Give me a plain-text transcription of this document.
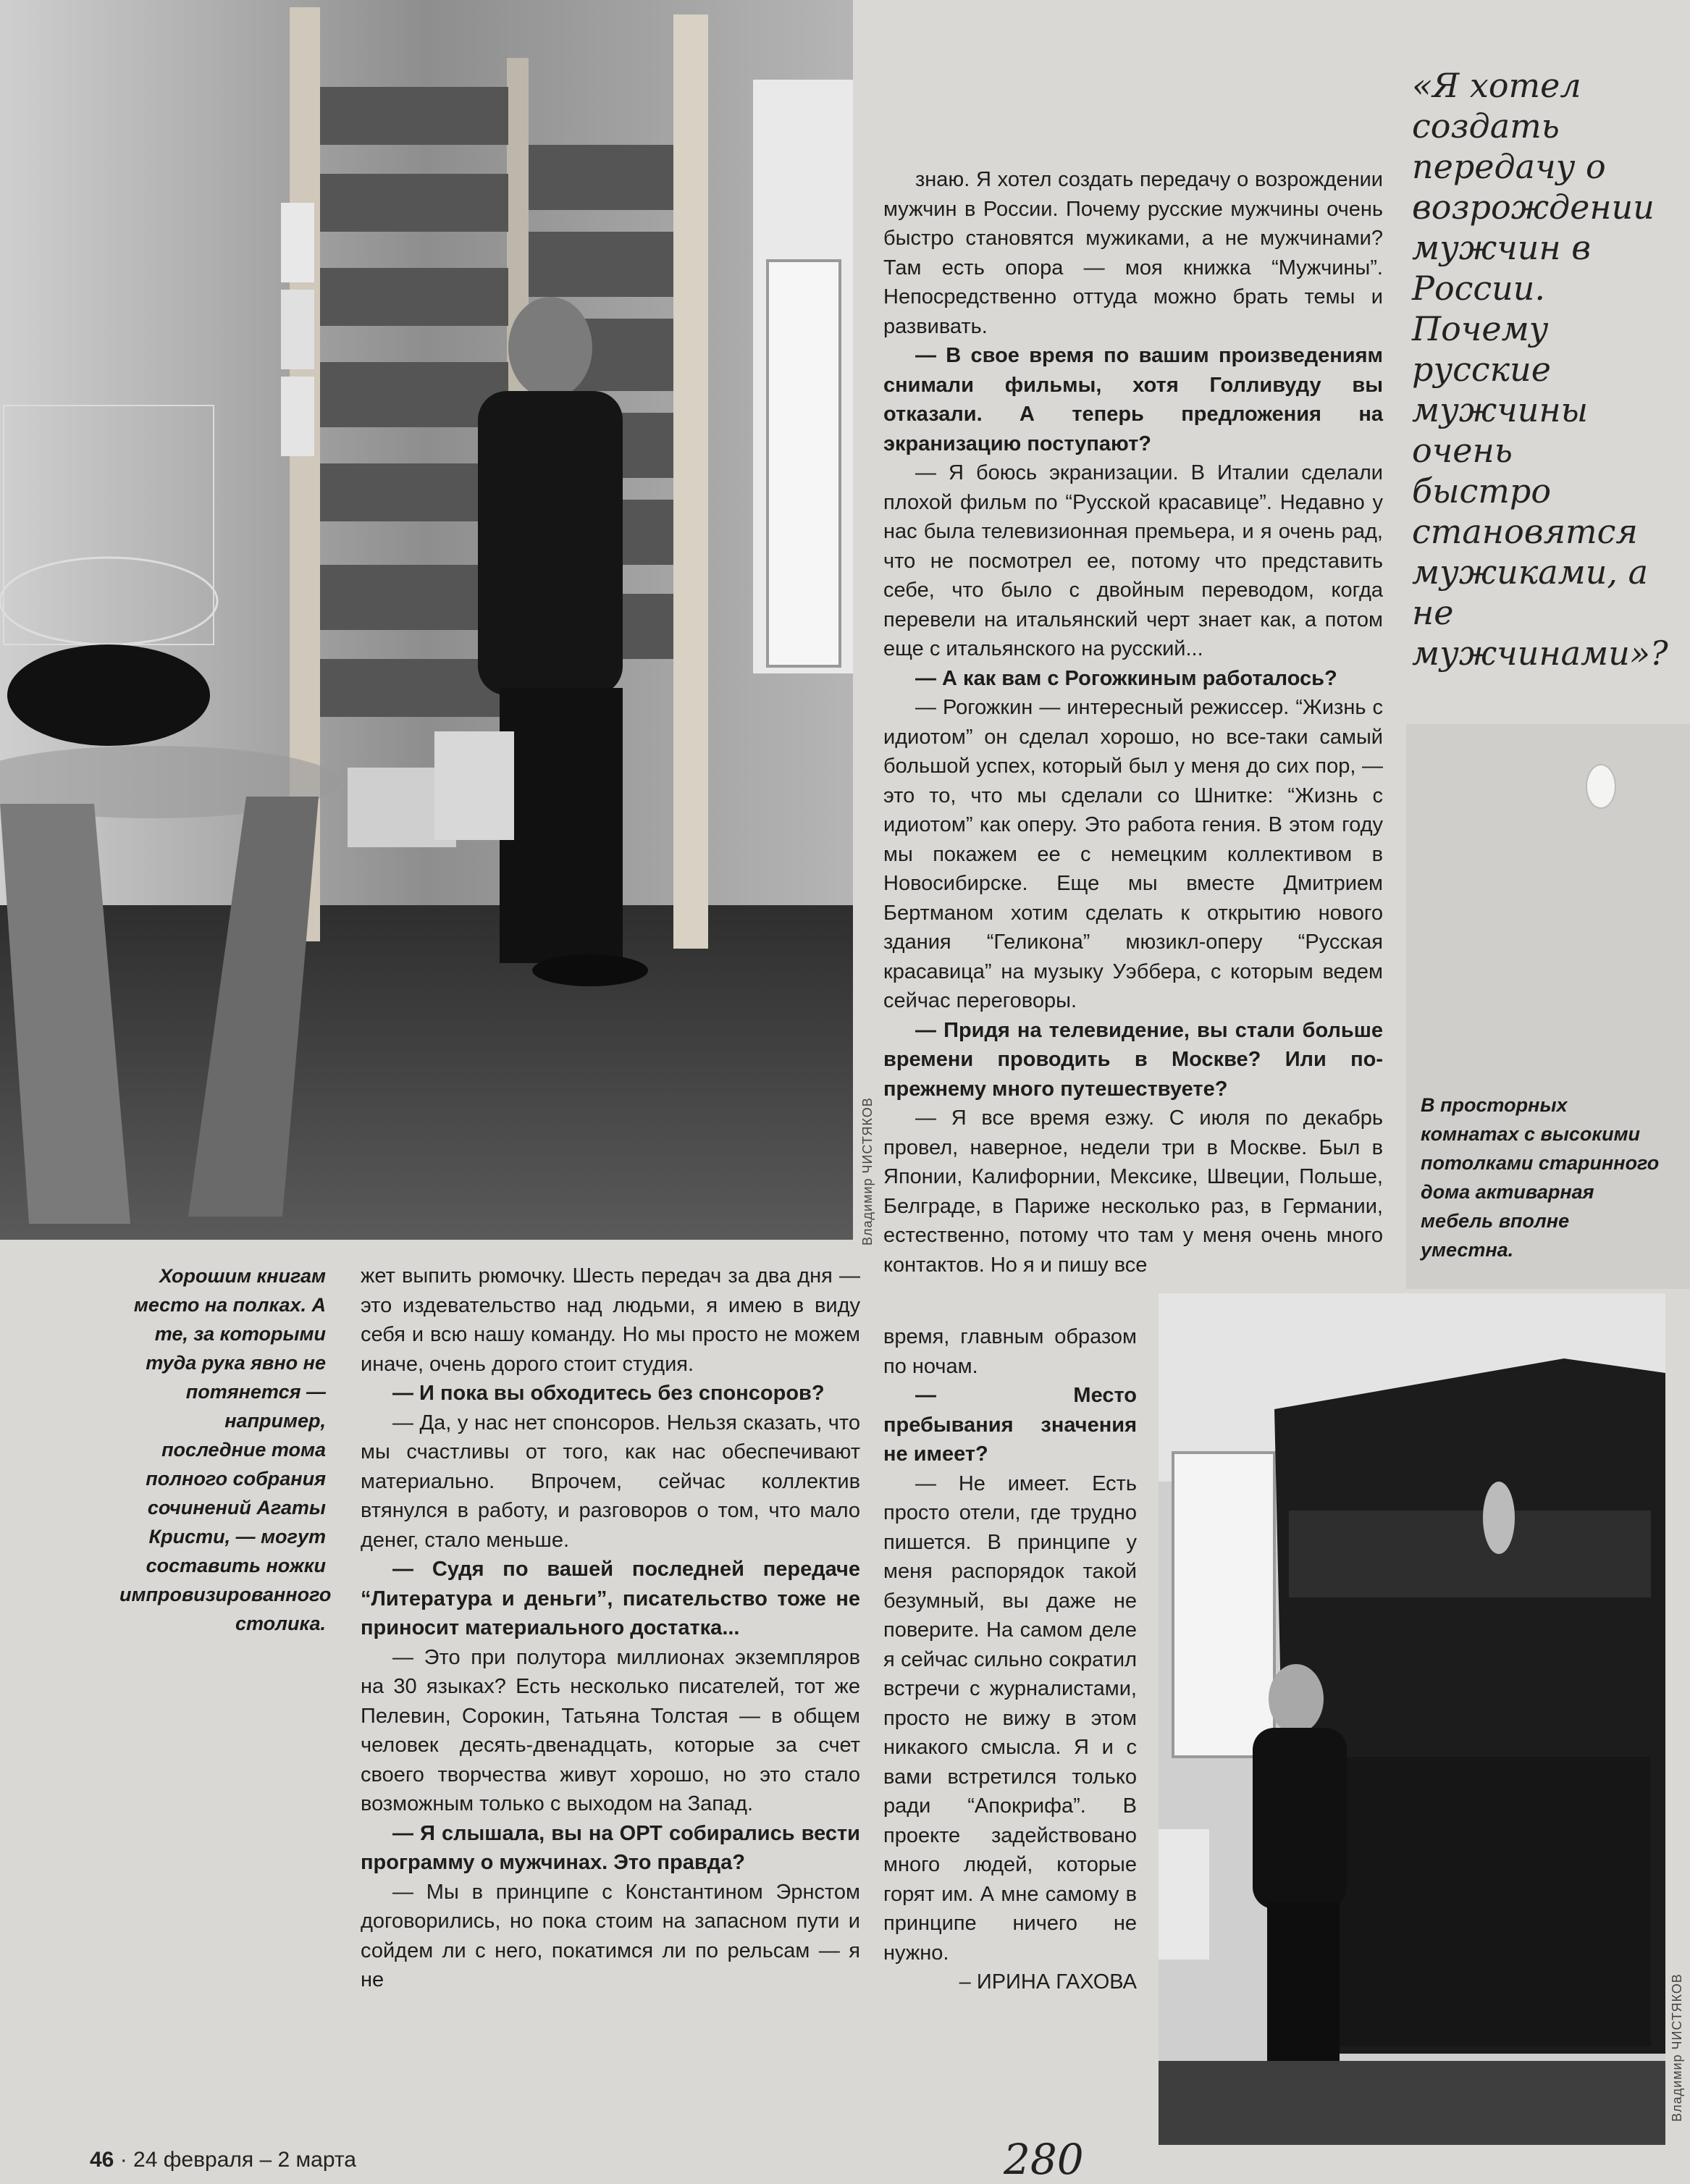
Владимир ЧИСТЯКОВ
«Я хотел создать передачу о возрождении мужчин в России. Почему русские мужчины очень быстро становятся мужиками, а не мужчинами»?
В просторных комнатах с высокими потолками старинного дома активарная мебель вполне уместна.

знаю. Я хотел создать передачу о возрождении мужчин в России. Почему русские мужчины очень быстро становятся мужиками, а не мужчинами? Там есть опора — моя книжка “Мужчины”. Непосредственно оттуда можно брать темы и развивать.

— В свое время по вашим произведениям снимали фильмы, хотя Голливуду вы отказали. А теперь предложения на экранизацию поступают?

— Я боюсь экранизации. В Италии сделали плохой фильм по “Русской красавице”. Недавно у нас была телевизионная премьера, и я очень рад, что не посмотрел ее, потому что представить себе, что было с двойным переводом, когда перевели на итальянский черт знает как, а потом еще с итальянского на русский...

— А как вам с Рогожкиным работалось?

— Рогожкин — интересный режиссер. “Жизнь с идиотом” он сделал хорошо, но все-таки самый большой успех, который был у меня до сих пор, — это то, что мы сделали со Шнитке: “Жизнь с идиотом” как оперу. Это работа гения. В этом году мы покажем ее с немецким коллективом в Новосибирске. Еще мы вместе Дмитрием Бертманом хотим сделать к открытию нового здания “Геликона” мюзикл-оперу “Русская красавица” на музыку Уэббера, с которым ведем сейчас переговоры.

— Придя на телевидение, вы стали больше времени проводить в Москве? Или по-прежнему много путешествуете?

— Я все время езжу. С июля по декабрь провел, наверное, недели три в Москве. Был в Японии, Калифорнии, Мексике, Швеции, Польше, Белграде, в Париже несколько раз, в Германии, естественно, потому что там у меня очень много контактов. Но я и пишу все

время, главным образом по ночам.

— Место пребывания значения не имеет?

— Не имеет. Есть просто отели, где трудно пишется. В принципе у меня распорядок такой безумный, вы даже не поверите. На самом деле я сейчас сильно сократил встречи с журналистами, просто не вижу в этом никакого смысла. Я и с вами встретился только ради “Апокрифа”. В проекте задействовано много людей, которые горят им. А мне самому в принципе ничего не нужно.

– ИРИНА ГАХОВА

жет выпить рюмочку. Шесть передач за два дня — это издевательство над людьми, я имею в виду себя и всю нашу команду. Но мы просто не можем иначе, очень дорого стоит студия.

— И пока вы обходитесь без спонсоров?

— Да, у нас нет спонсоров. Нельзя сказать, что мы счастливы от того, как нас обеспечивают материально. Впрочем, сейчас коллектив втянулся в работу, и разговоров о том, что мало денег, стало меньше.

— Судя по вашей последней передаче “Литература и деньги”, писательство тоже не приносит материального достатка...

— Это при полутора миллионах экземпляров на 30 языках? Есть несколько писателей, тот же Пелевин, Сорокин, Татьяна Толстая — в общем человек десять-двенадцать, которые за счет своего творчества живут хорошо, но это стало возможным только с выходом на Запад.

— Я слышала, вы на ОРТ собирались вести программу о мужчинах. Это правда?

— Мы в принципе с Константином Эрнстом договорились, но пока стоим на запасном пути и сойдем ли с него, покатимся ли по рельсам — я не

Хорошим книгам место на полках. А те, за которыми туда рука явно не потянется — например, последние тома полного собрания сочинений Агаты Кристи, — могут составить ножки импровизированного столика.
Владимир ЧИСТЯКОВ
46 · 24 февраля – 2 марта	280
